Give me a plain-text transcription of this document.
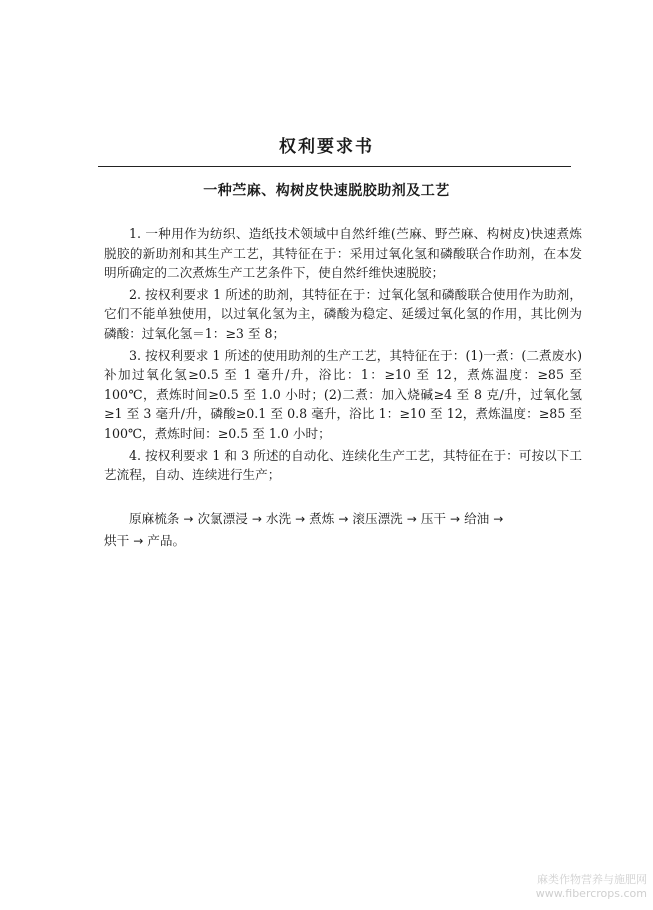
权利要求书
一种苎麻、构树皮快速脱胶助剂及工艺

1. 一种用作为纺织、造纸技术领域中自然纤维(苎麻、野苎麻、构树皮)快速煮炼脱胶的新助剂和其生产工艺，其特征在于：采用过氧化氢和磷酸联合作助剂，在本发明所确定的二次煮炼生产工艺条件下，使自然纤维快速脱胶；

2. 按权利要求 1 所述的助剂，其特征在于：过氧化氢和磷酸联合使用作为助剂，它们不能单独使用，以过氧化氢为主，磷酸为稳定、延缓过氧化氢的作用，其比例为磷酸：过氧化氢＝1：≥3 至 8；

3. 按权利要求 1 所述的使用助剂的生产工艺，其特征在于：(1)一煮：(二煮废水)补加过氧化氢≥0.5 至 1 毫升/升，浴比：1：≥10 至 12，煮炼温度：≥85 至 100℃，煮炼时间≥0.5 至 1.0 小时；(2)二煮：加入烧碱≥4 至 8 克/升，过氧化氢≥1 至 3 毫升/升，磷酸≥0.1 至 0.8 毫升，浴比 1：≥10 至 12，煮炼温度：≥85 至 100℃，煮炼时间：≥0.5 至 1.0 小时；

4. 按权利要求 1 和 3 所述的自动化、连续化生产工艺，其特征在于：可按以下工艺流程，自动、连续进行生产；

原麻梳条 → 次氯漂浸 → 水洗 → 煮炼 → 滚压漂洗 → 压干 → 给油 →
烘干 → 产品。
麻类作物营养与施肥网
www.fibercrops.com
